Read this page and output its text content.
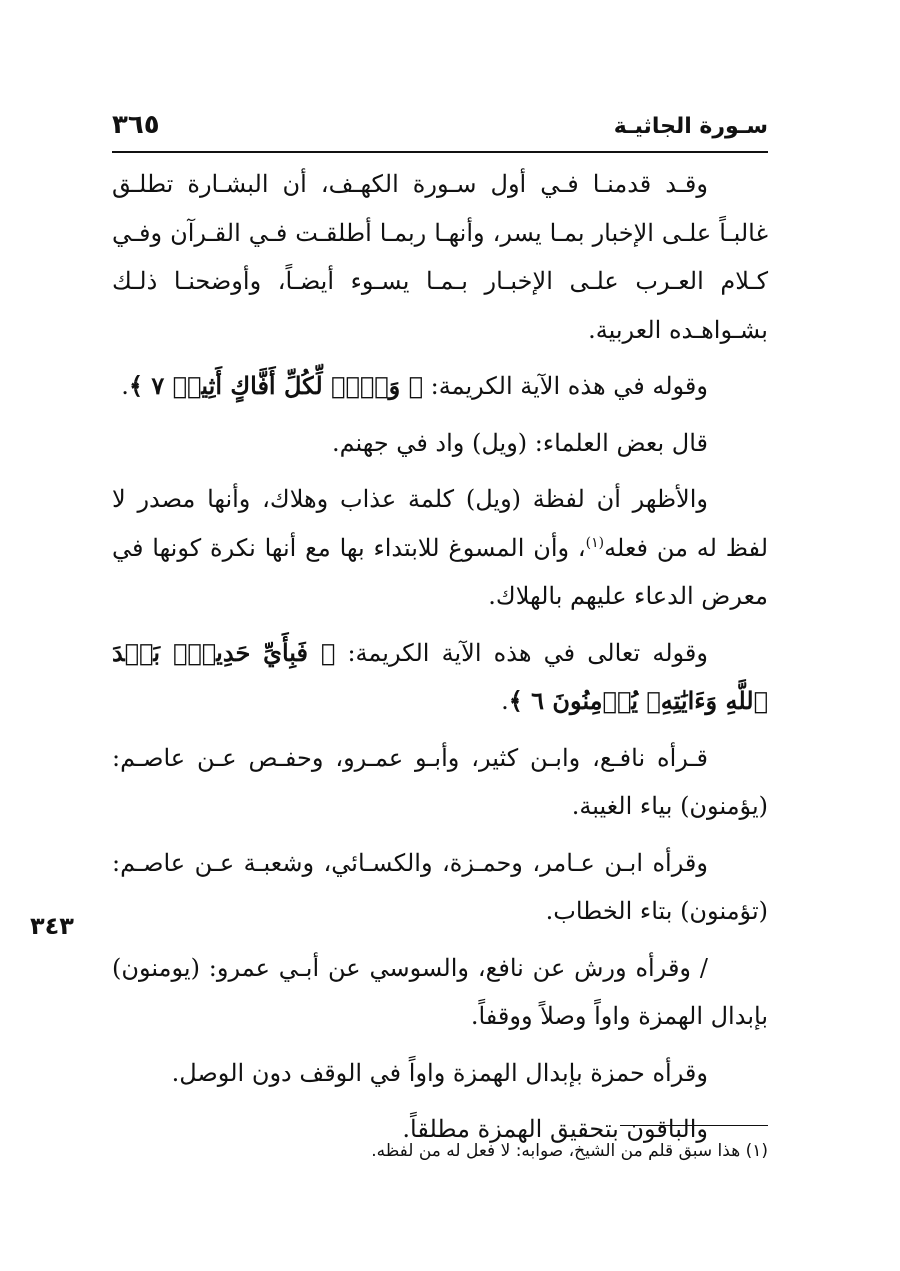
سـورة الجاثيـة
٣٦٥

وقـد قدمنـا فـي أول سـورة الكهـف، أن البشـارة تطلـق غالبـاً علـى الإخبار بمـا يسر، وأنهـا ربمـا أطلقـت فـي القـرآن وفـي كـلام العـرب علـى الإخبـار بـمـا يسـوء أيضـاً، وأوضحنـا ذلـك بشـواهـده العربية.

وقوله في هذه الآية الكريمة: ﴿ وَيۡلٞ لِّكُلِّ أَفَّاكٍ أَثِيمٖ ٧ ﴾.

قال بعض العلماء: (ويل) واد في جهنم.

والأظهر أن لفظة (ويل) كلمة عذاب وهلاك، وأنها مصدر لا لفظ له من فعله$^{(١)}$، وأن المسوغ للابتداء بها مع أنها نكرة كونها في معرض الدعاء عليهم بالهلاك.

وقوله تعالى في هذه الآية الكريمة: ﴿ فَبِأَيِّ حَدِيثِۭ بَعۡدَ ٱللَّهِ وَءَايَٰتِهِۦ يُؤۡمِنُونَ ٦ ﴾.

قـرأه نافـع، وابـن كثير، وأبـو عمـرو، وحفـص عـن عاصـم: (يؤمنون) بياء الغيبة.

وقرأه ابـن عـامر، وحمـزة، والكسـائي، وشعبـة عـن عاصـم: (تؤمنون) بتاء الخطاب.

/ وقرأه ورش عن نافع، والسوسي عن أبـي عمرو: (يومنون) بإبدال الهمزة واواً وصلاً ووقفاً.

وقرأه حمزة بإبدال الهمزة واواً في الوقف دون الوصل.

والباقون بتحقيق الهمزة مطلقاً.

٣٤٣
(١) هذا سبق قلم من الشيخ، صوابه: لا فعل له من لفظه.
